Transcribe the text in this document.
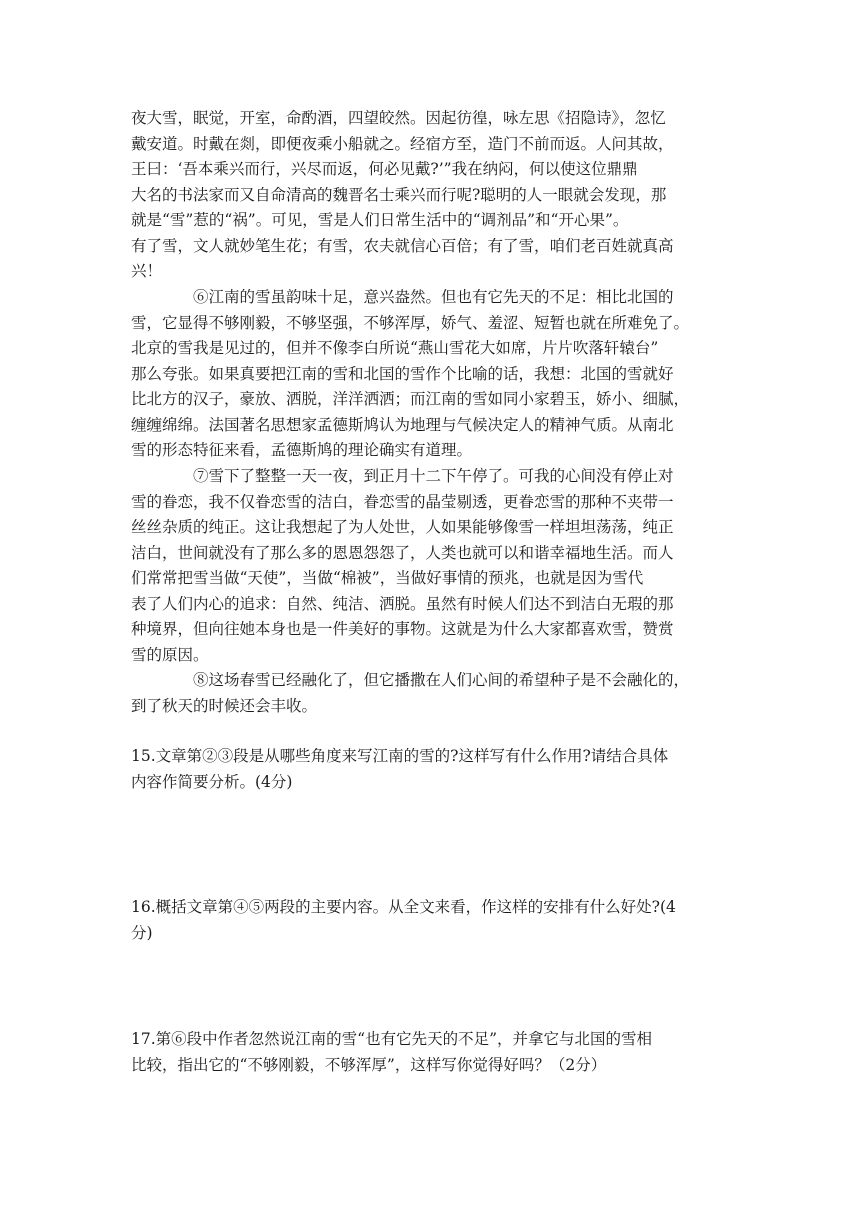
夜大雪，眠觉，开室，命酌酒，四望皎然。因起彷徨，咏左思《招隐诗》，忽忆
戴安道。时戴在剡，即便夜乘小船就之。经宿方至，造门不前而返。人问其故，
王曰：‘吾本乘兴而行，兴尽而返，何必见戴?’”我在纳闷，何以使这位鼎鼎
大名的书法家而又自命清高的魏晋名士乘兴而行呢?聪明的人一眼就会发现，那
就是“雪”惹的“祸”。可见，雪是人们日常生活中的“调剂品”和“开心果”。
有了雪，文人就妙笔生花；有雪，农夫就信心百倍；有了雪，咱们老百姓就真高
兴！
⑥江南的雪虽韵味十足，意兴盎然。但也有它先天的不足：相比北国的
雪，它显得不够刚毅，不够坚强，不够浑厚，娇气、羞涩、短暂也就在所难免了。
北京的雪我是见过的，但并不像李白所说“燕山雪花大如席，片片吹落轩辕台”
那么夸张。如果真要把江南的雪和北国的雪作个比喻的话，我想：北国的雪就好
比北方的汉子，豪放、洒脱，洋洋洒洒；而江南的雪如同小家碧玉，娇小、细腻，
缠缠绵绵。法国著名思想家孟德斯鸠认为地理与气候决定人的精神气质。从南北
雪的形态特征来看，孟德斯鸠的理论确实有道理。
⑦雪下了整整一天一夜，到正月十二下午停了。可我的心间没有停止对
雪的眷恋，我不仅眷恋雪的洁白，眷恋雪的晶莹剔透，更眷恋雪的那种不夹带一
丝丝杂质的纯正。这让我想起了为人处世，人如果能够像雪一样坦坦荡荡，纯正
洁白，世间就没有了那么多的恩恩怨怨了，人类也就可以和谐幸福地生活。而人
们常常把雪当做“天使”，当做“棉被”，当做好事情的预兆，也就是因为雪代
表了人们内心的追求：自然、纯洁、洒脱。虽然有时候人们达不到洁白无瑕的那
种境界，但向往她本身也是一件美好的事物。这就是为什么大家都喜欢雪，赞赏
雪的原因。
⑧这场春雪已经融化了，但它播撒在人们心间的希望种子是不会融化的，
到了秋天的时候还会丰收。
15.文章第②③段是从哪些角度来写江南的雪的?这样写有什么作用?请结合具体
内容作简要分析。(4分)
16.概括文章第④⑤两段的主要内容。从全文来看，作这样的安排有什么好处?(4
分)
17.第⑥段中作者忽然说江南的雪“也有它先天的不足”，并拿它与北国的雪相
比较，指出它的“不够刚毅，不够浑厚”，这样写你觉得好吗？（2分）
